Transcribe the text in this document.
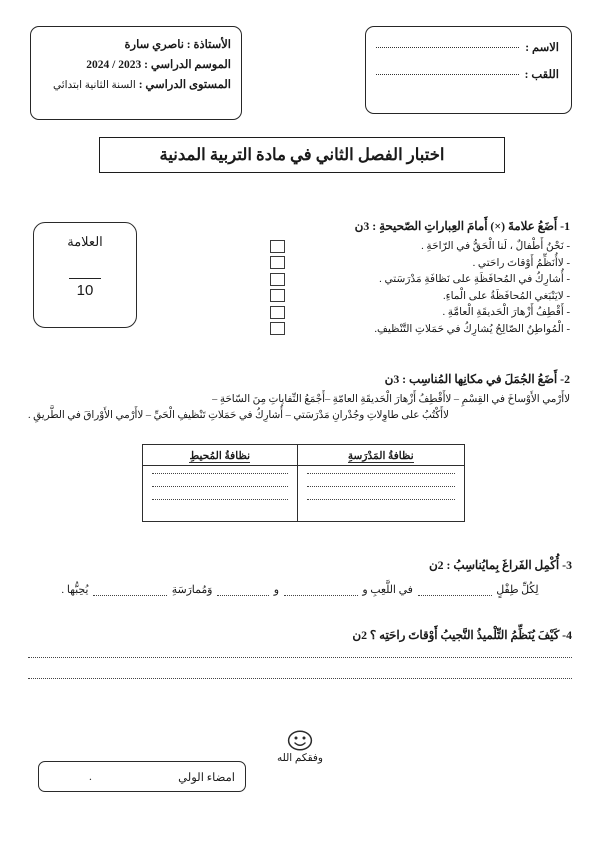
الأستاذة : ناصري سارة
الموسم الدراسي : 2023 / 2024
المستوى الدراسي : السنة الثانية ابتدائي
الاسم :
اللقب :
اختبار الفصل الثاني في مادة التربية المدنية
العلامة
10
1- أَضَعُ علامةَ (×) أَمامَ العِباراتِ الصّحيحةِ : 3ن
- نَحْنُ أَطْفالٌ ، لَنا الْحَقُّ في الرّاحَةِ .
- لاأُنَظِّمُ أَوْقاتَ راحَتي .
- أُشارِكُ في المُحافَظَةِ على نَظافَةِ مَدْرَسَتي .
- لايَنْبَغي المُحافَظَةُ على الْماءِ.
- أَقْطِفُ أَزْهارَ الْحَديقَةِ الْعامَّةِ .
- الْمُواطِنُ الصّالِحُ يُشارِكُ في حَمَلاتِ التَّنْظيفِ.
2- أَضَعُ الجُمَلَ في مكانِها المُناسِب : 3ن
لاأَرْمي الأَوْساخَ في القِسْمِ – لاأَقْطِفُ أَزْهارَ الْحَديقَةِ العامّةِ –أَجْمَعُ النِّفاياتِ مِنَ السّاحَةِ –
لاأَكْتُبُ على طاوِلاتِ وجُدْرانِ مَدْرَسَتي – أُشارِكُ في حَمَلاتِ تَنْظيفِ الْحَيِّ – لاأَرْمي الأَوْراقَ في الطَّريقِ .
نظافةُ المَدْرَسةِ	نظافةُ المُحيطِ

3- أُكْمِل الفَراغَ بِمايُناسِبُ : 2ن
لِكُلِّ طِفْلٍ  في اللَّعِبِ و  و  وَمُمارَسَةِ  يُحِبُّها .
4- كَيْفَ يُنَظِّمُ التِّلْميذُ النَّجيبُ أَوْقاتَ راحَتِه ؟ 2ن
وفقكم الله
امضاء الولي
.
